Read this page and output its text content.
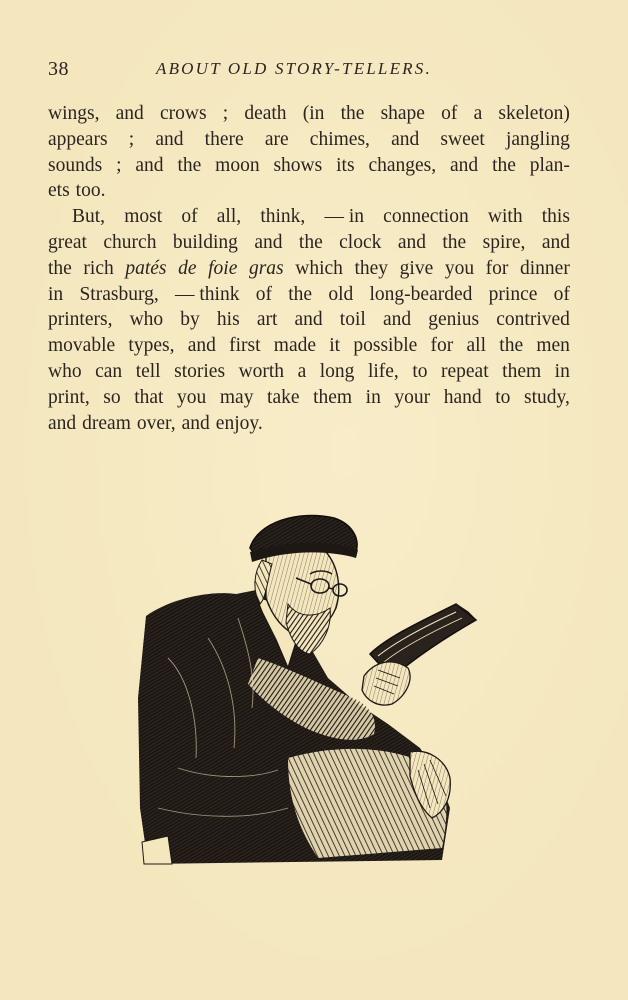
38	ABOUT OLD STORY-TELLERS.
wings, and crows ; death (in the shape of a skeleton)
appears ; and there are chimes, and sweet jangling
sounds ; and the moon shows its changes, and the plan-
ets too.
But, most of all, think, — in connection with this
great church building and the clock and the spire, and
the rich patés de foie gras which they give you for dinner
in Strasburg, — think of the old long-bearded prince of
printers, who by his art and toil and genius contrived
movable types, and first made it possible for all the men
who can tell stories worth a long life, to repeat them in
print, so that you may take them in your hand to study,
and dream over, and enjoy.
